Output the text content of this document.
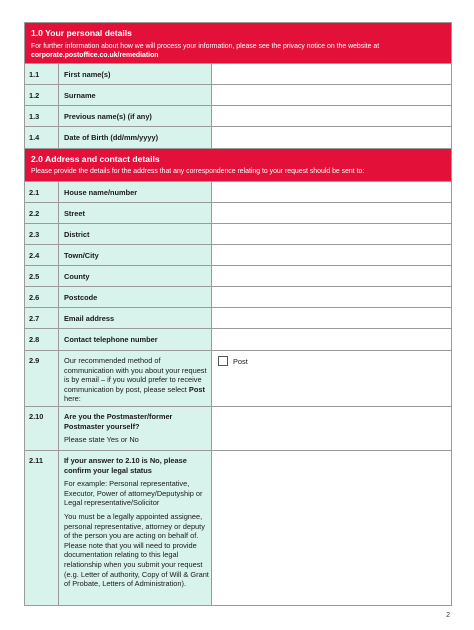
1.0 Your personal details
For further information about how we will process your information, please see the privacy notice on the website at
corporate.postoffice.co.uk/remediation
1.1	First name(s)
1.2	Surname
1.3	Previous name(s) (if any)
1.4	Date of Birth (dd/mm/yyyy)
2.0 Address and contact details
Please provide the details for the address that any correspondence relating to your request should be sent to:
2.1	House name/number
2.2	Street
2.3	District
2.4	Town/City
2.5	County
2.6	Postcode
2.7	Email address
2.8	Contact telephone number
2.9	Our recommended method of communication with you about your request is by email – if you would prefer to receive communication by post, please select Post here:
Post
2.10	Are you the Postmaster/former Postmaster yourself?
Please state Yes or No
2.11	If your answer to 2.10 is No, please confirm your legal status
For example: Personal representative, Executor, Power of attorney/Deputyship or Legal representative/Solicitor
You must be a legally appointed assignee, personal representative, attorney or deputy of the person you are acting on behalf of. Please note that you will need to provide documentation relating to this legal relationship when you submit your request (e.g. Letter of authority, Copy of Will & Grant of Probate, Letters of Administration).
2
